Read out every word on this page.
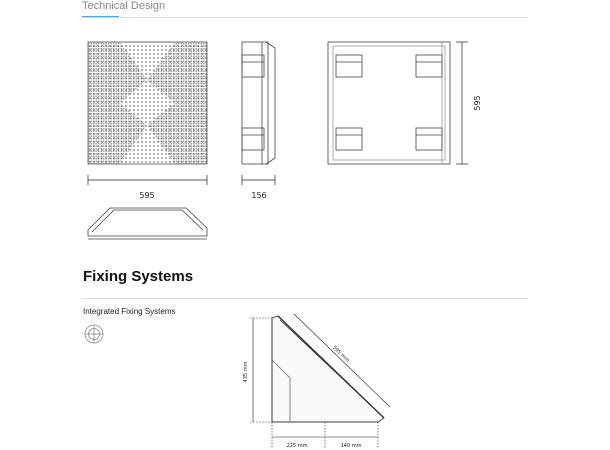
Technical Design
595	156
595
435 mm
595 mm
225 mm	140 mm
Fixing Systems
Integrated Fixing Systems
